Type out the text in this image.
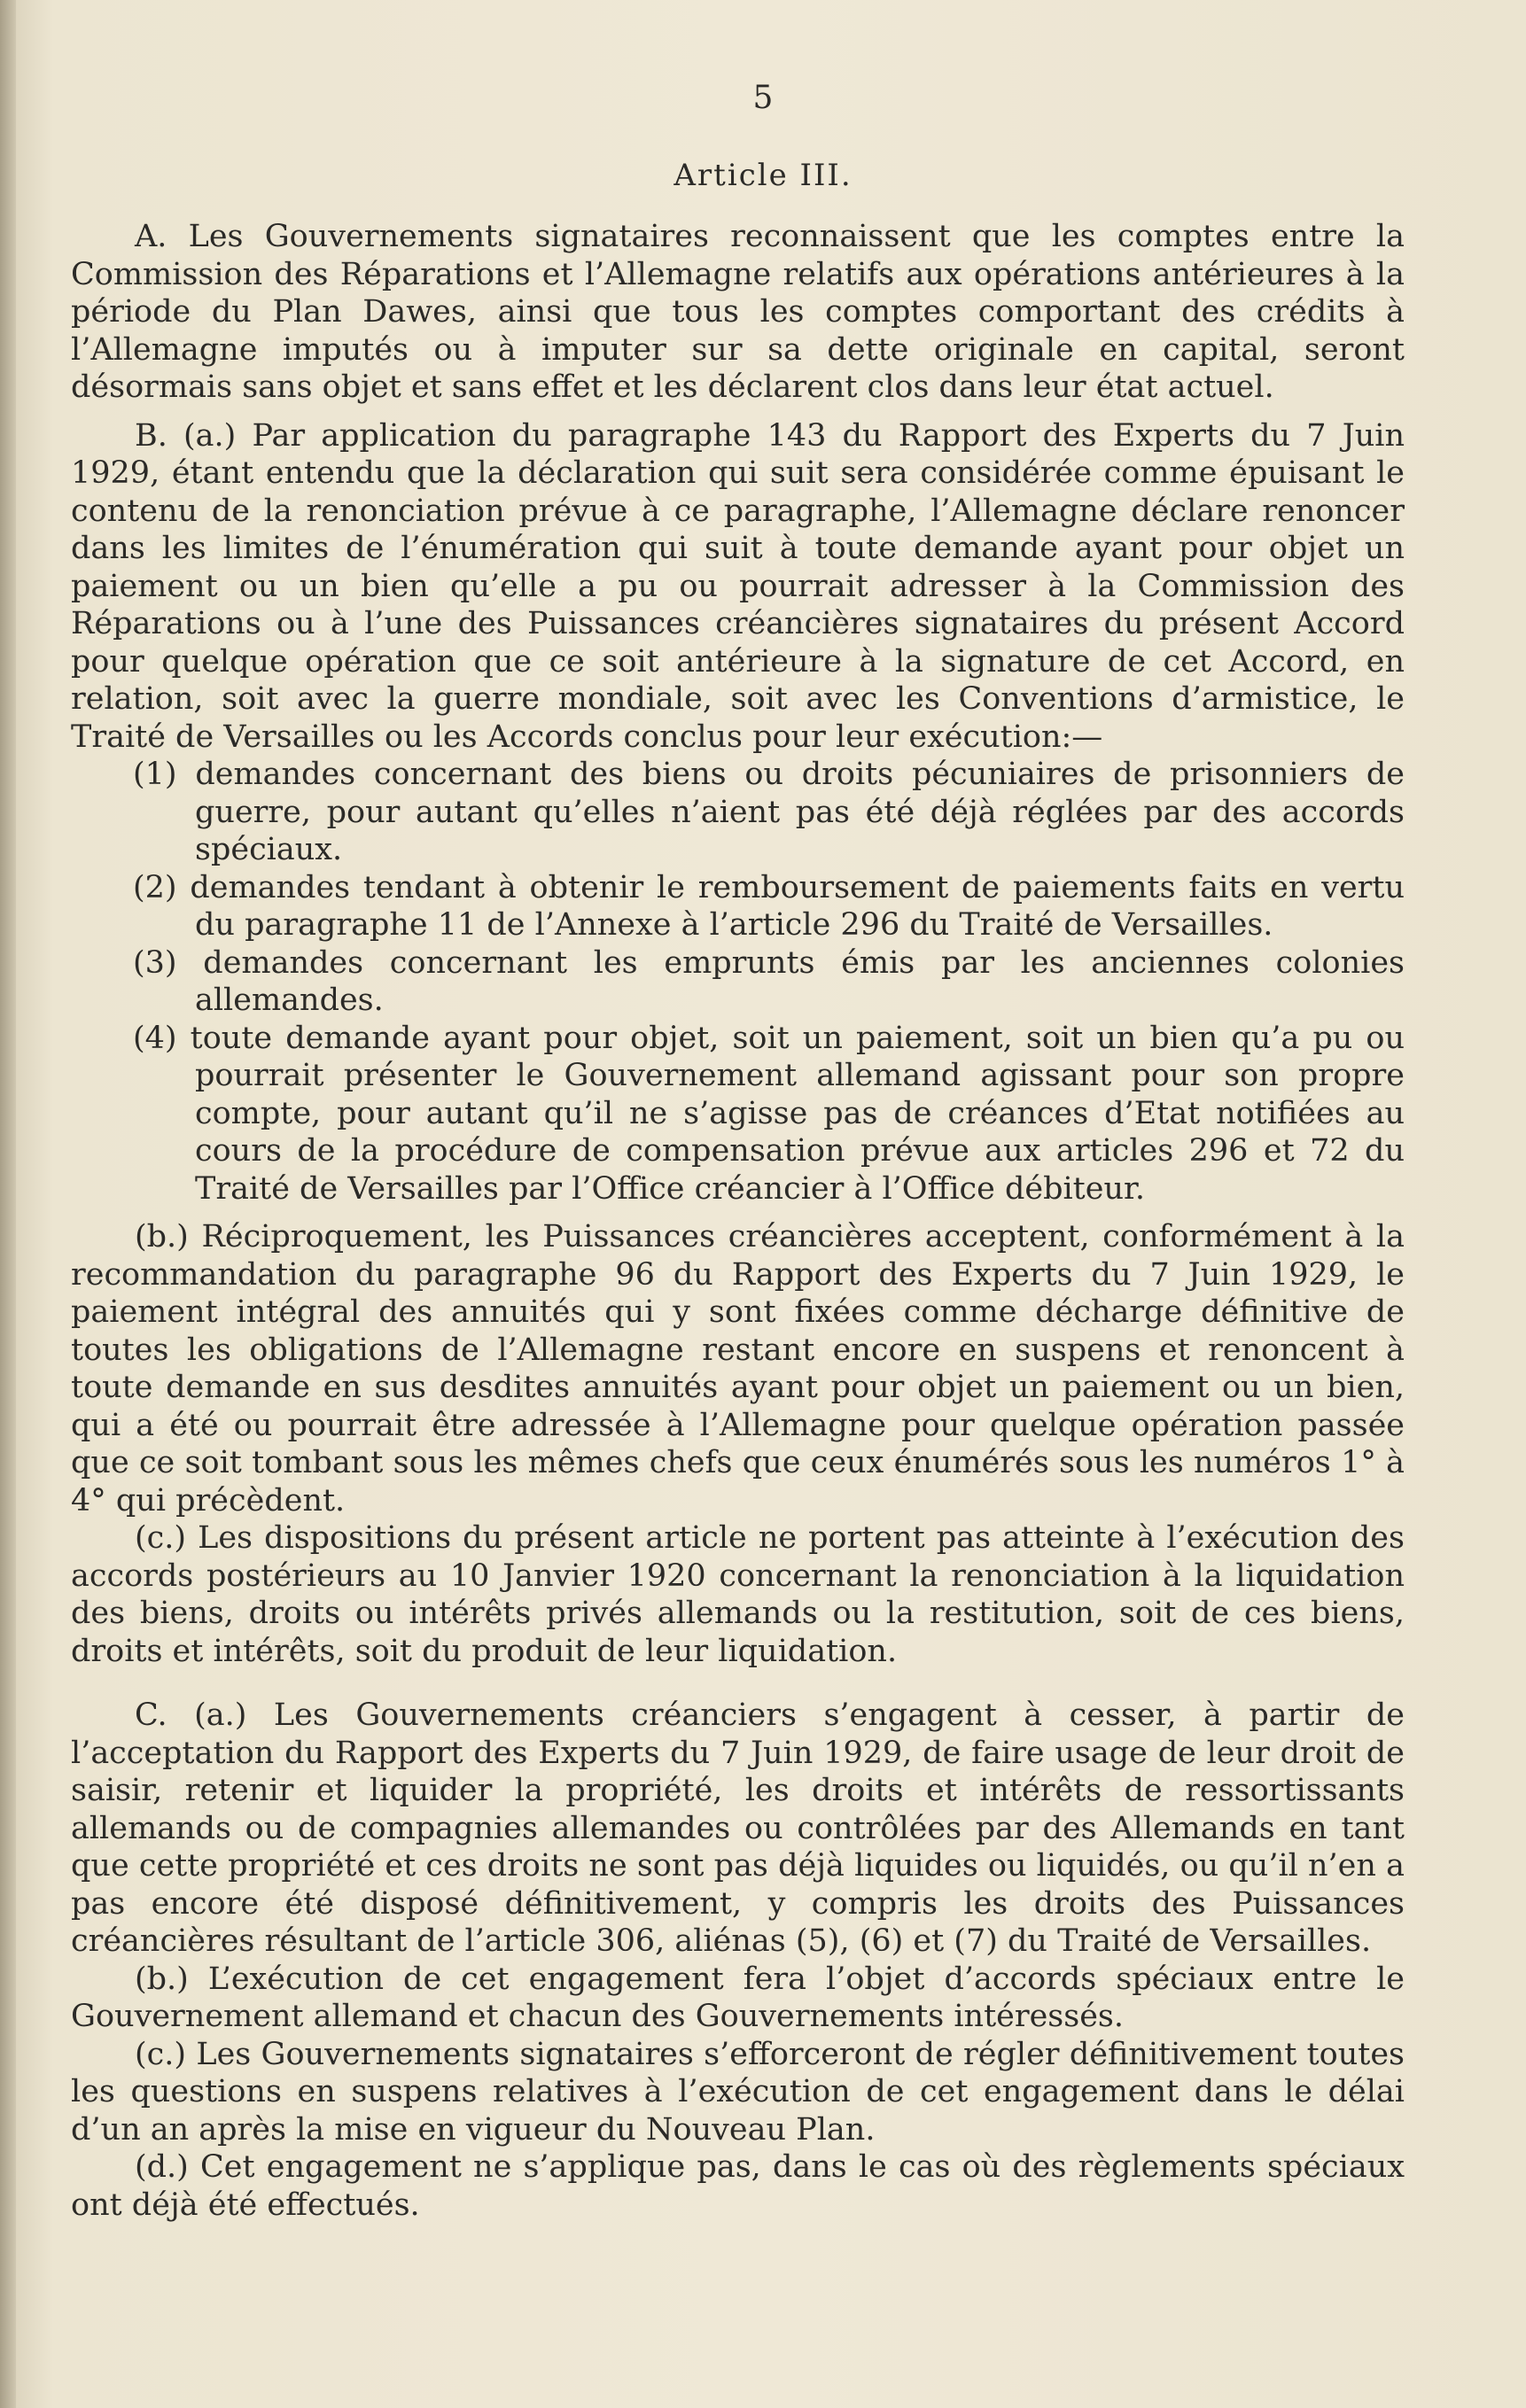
5
Article III.

A. Les Gouvernements signataires reconnaissent que les comptes entre la Commission des Réparations et l’Allemagne relatifs aux opérations antérieures à la période du Plan Dawes, ainsi que tous les comptes comportant des crédits à l’Allemagne imputés ou à imputer sur sa dette originale en capital, seront désormais sans objet et sans effet et les déclarent clos dans leur état actuel.

B. (a.) Par application du paragraphe 143 du Rapport des Experts du 7 Juin 1929, étant entendu que la déclaration qui suit sera considérée comme épuisant le contenu de la renonciation prévue à ce paragraphe, l’Allemagne déclare renoncer dans les limites de l’énumération qui suit à toute demande ayant pour objet un paiement ou un bien qu’elle a pu ou pourrait adresser à la Commission des Réparations ou à l’une des Puissances créancières signataires du présent Accord pour quelque opération que ce soit antérieure à la signature de cet Accord, en relation, soit avec la guerre mondiale, soit avec les Conventions d’armistice, le Traité de Versailles ou les Accords conclus pour leur exécution:—

(1) demandes concernant des biens ou droits pécuniaires de prisonniers de guerre, pour autant qu’elles n’aient pas été déjà réglées par des accords spéciaux.
(2) demandes tendant à obtenir le remboursement de paiements faits en vertu du paragraphe 11 de l’Annexe à l’article 296 du Traité de Versailles.
(3) demandes concernant les emprunts émis par les anciennes colonies allemandes.
(4) toute demande ayant pour objet, soit un paiement, soit un bien qu’a pu ou pourrait présenter le Gouvernement allemand agissant pour son propre compte, pour autant qu’il ne s’agisse pas de créances d’Etat notifiées au cours de la procédure de compensation prévue aux articles 296 et 72 du Traité de Versailles par l’Office créancier à l’Office débiteur.

(b.) Réciproquement, les Puissances créancières acceptent, conformément à la recommandation du paragraphe 96 du Rapport des Experts du 7 Juin 1929, le paiement intégral des annuités qui y sont fixées comme décharge définitive de toutes les obligations de l’Allemagne restant encore en suspens et renoncent à toute demande en sus desdites annuités ayant pour objet un paiement ou un bien, qui a été ou pourrait être adressée à l’Allemagne pour quelque opération passée que ce soit tombant sous les mêmes chefs que ceux énumérés sous les numéros 1° à 4° qui précèdent.

(c.) Les dispositions du présent article ne portent pas atteinte à l’exécution des accords postérieurs au 10 Janvier 1920 concernant la renonciation à la liquidation des biens, droits ou intérêts privés allemands ou la restitution, soit de ces biens, droits et intérêts, soit du produit de leur liquidation.

C. (a.) Les Gouvernements créanciers s’engagent à cesser, à partir de l’acceptation du Rapport des Experts du 7 Juin 1929, de faire usage de leur droit de saisir, retenir et liquider la propriété, les droits et intérêts de ressortissants allemands ou de compagnies allemandes ou contrôlées par des Allemands en tant que cette propriété et ces droits ne sont pas déjà liquides ou liquidés, ou qu’il n’en a pas encore été disposé définitivement, y compris les droits des Puissances créancières résultant de l’article 306, aliénas (5), (6) et (7) du Traité de Versailles.

(b.) L’exécution de cet engagement fera l’objet d’accords spéciaux entre le Gouvernement allemand et chacun des Gouvernements intéressés.

(c.) Les Gouvernements signataires s’efforceront de régler définitivement toutes les questions en suspens relatives à l’exécution de cet engagement dans le délai d’un an après la mise en vigueur du Nouveau Plan.

(d.) Cet engagement ne s’applique pas, dans le cas où des règlements spéciaux ont déjà été effectués.
